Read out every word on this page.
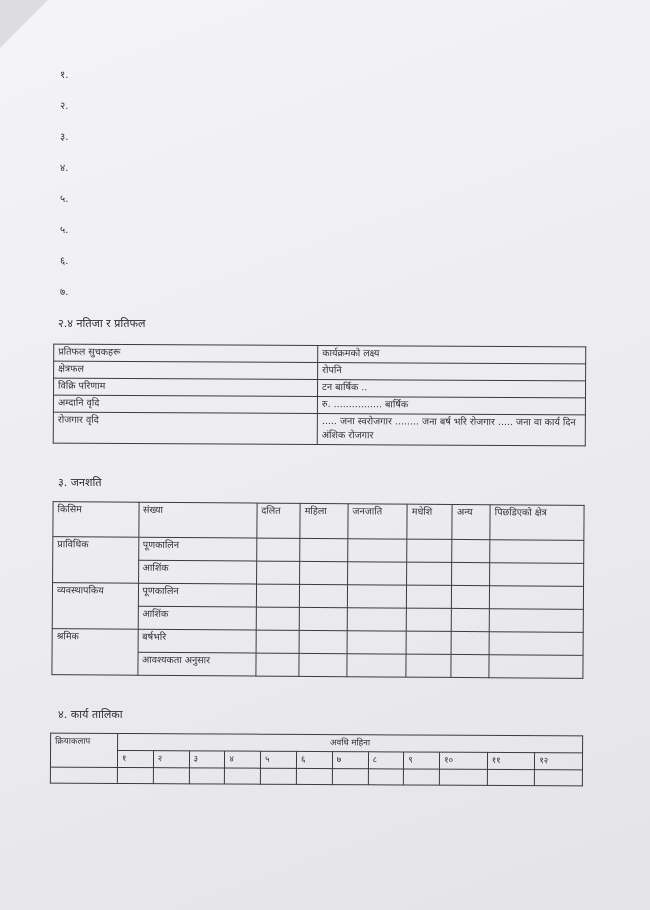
१.
२.
३.
४.
५.
५.
६.
७.
२.४ नतिजा र प्रतिफल
प्रतिफल सुचकहरू	कार्यक्रमको लक्ष्य
क्षेत्रफल	रोपनि
विक्रि परिणाम	टन बार्षिक ..
अम्दानि वृदि	रु. ................ बार्षिक
रोजगार वृदि	..... जना स्वरोजगार ........ जना बर्ष भरि रोजगार ..... जना वा कार्य दिन अंशिक रोजगार
३. जनशति
किसिम	संख्या	दलित	महिला	जनजाति	मधेशि	अन्य	पिछडिएको क्षेत्र
प्राविधिक	पूणकालिन						
	आशिंक						
व्यवस्थापकिय	पूणकालिन						
	आशिंक						
श्रमिक	बर्षभरि						
	आवश्यकता अनुसार						
४. कार्य तालिका
क्रियाकलाप	अवधि महिना											
	१	२	३	४	५	६	७	८	९	१०	११	१२
